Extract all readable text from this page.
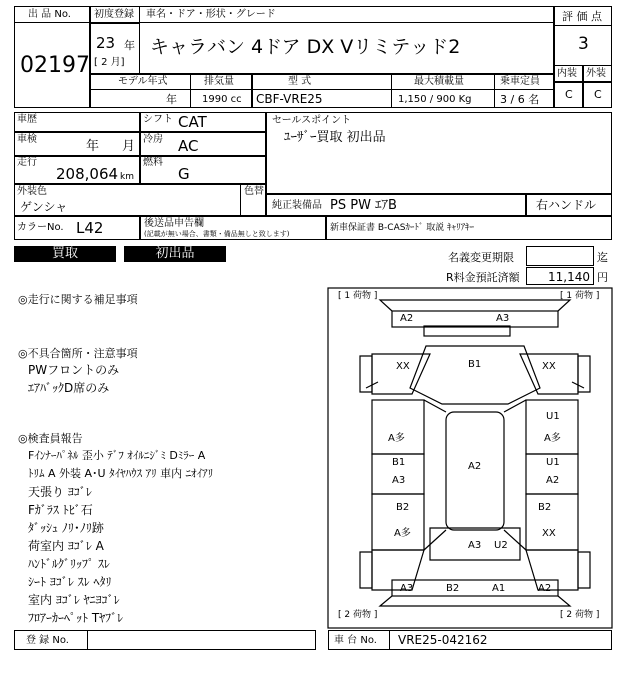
出 品 No.
02197
初度登録 車名・ドア・形状・グレード
23 年
[ 2 月]
キャラバン 4ドア DX Vリミテッド2
評 価 点
3
内装 外装
C C
モデル年式	排気量	型 式	最大積載量	乗車定員
年	1990 cc CBF-VRE25	1,150 / 900 Kg	3 / 6 名
車歴	シフト CAT
車検	年 月 冷房 AC
走行
208,064 km
燃料
G
セールスポイント
ﾕｰｻﾞｰ買取 初出品
外装色
ゲンシャ
色替
純正装備品 PS PW ｴｱB	右ハンドル
カラーNo. L42	後送品申告欄
(記載が無い場合、書類・備品無しと致します)
新車保証書 B-CASｶｰﾄﾞ 取説 ｷｬﾘｱｷｰ
買取	初出品	名義変更期限	迄
R料金預託済額 11,140 円
◎走行に関する補足事項
◎不具合箇所・注意事項
PWフロントのみ
ｴｱﾊﾞｯｸD席のみ
◎検査員報告
Fｲﾝﾅｰﾊﾟﾈﾙ 歪小 ﾃﾞﾌ ｵｲﾙﾆｼﾞﾐ Dﾐﾗｰ A
ﾄﾘﾑ A 外装 A･U ﾀｲﾔﾊｳｽ ｱﾘ 車内 ﾆｵｲｱﾘ
天張り ﾖｺﾞﾚ
Fｶﾞﾗｽ ﾄﾋﾞ石
ﾀﾞｯｼｭ ﾉﾘ･ﾉﾘ跡
荷室内 ﾖｺﾞﾚ A
ﾊﾝﾄﾞﾙｸﾞﾘｯﾌﾟ ｽﾚ
ｼｰﾄ ﾖｺﾞﾚ ｽﾚ ﾍﾀﾘ
室内 ﾖｺﾞﾚ ﾔﾆﾖｺﾞﾚ
ﾌﾛｱｰｶｰﾍﾟｯﾄ Tﾔﾌﾞﾚ
[ 1 荷物 ]	[ 1 荷物 ]
[ 2 荷物 ]	[ 2 荷物 ]
A2	A3
XX	B1	XX
A多
U1
A多
B1
A3
A2	U1
A2
B2
A多
B2
XX
A3 U2
A3	B2	A1	A2
登 録 No.	車 台 No. VRE25-042162
